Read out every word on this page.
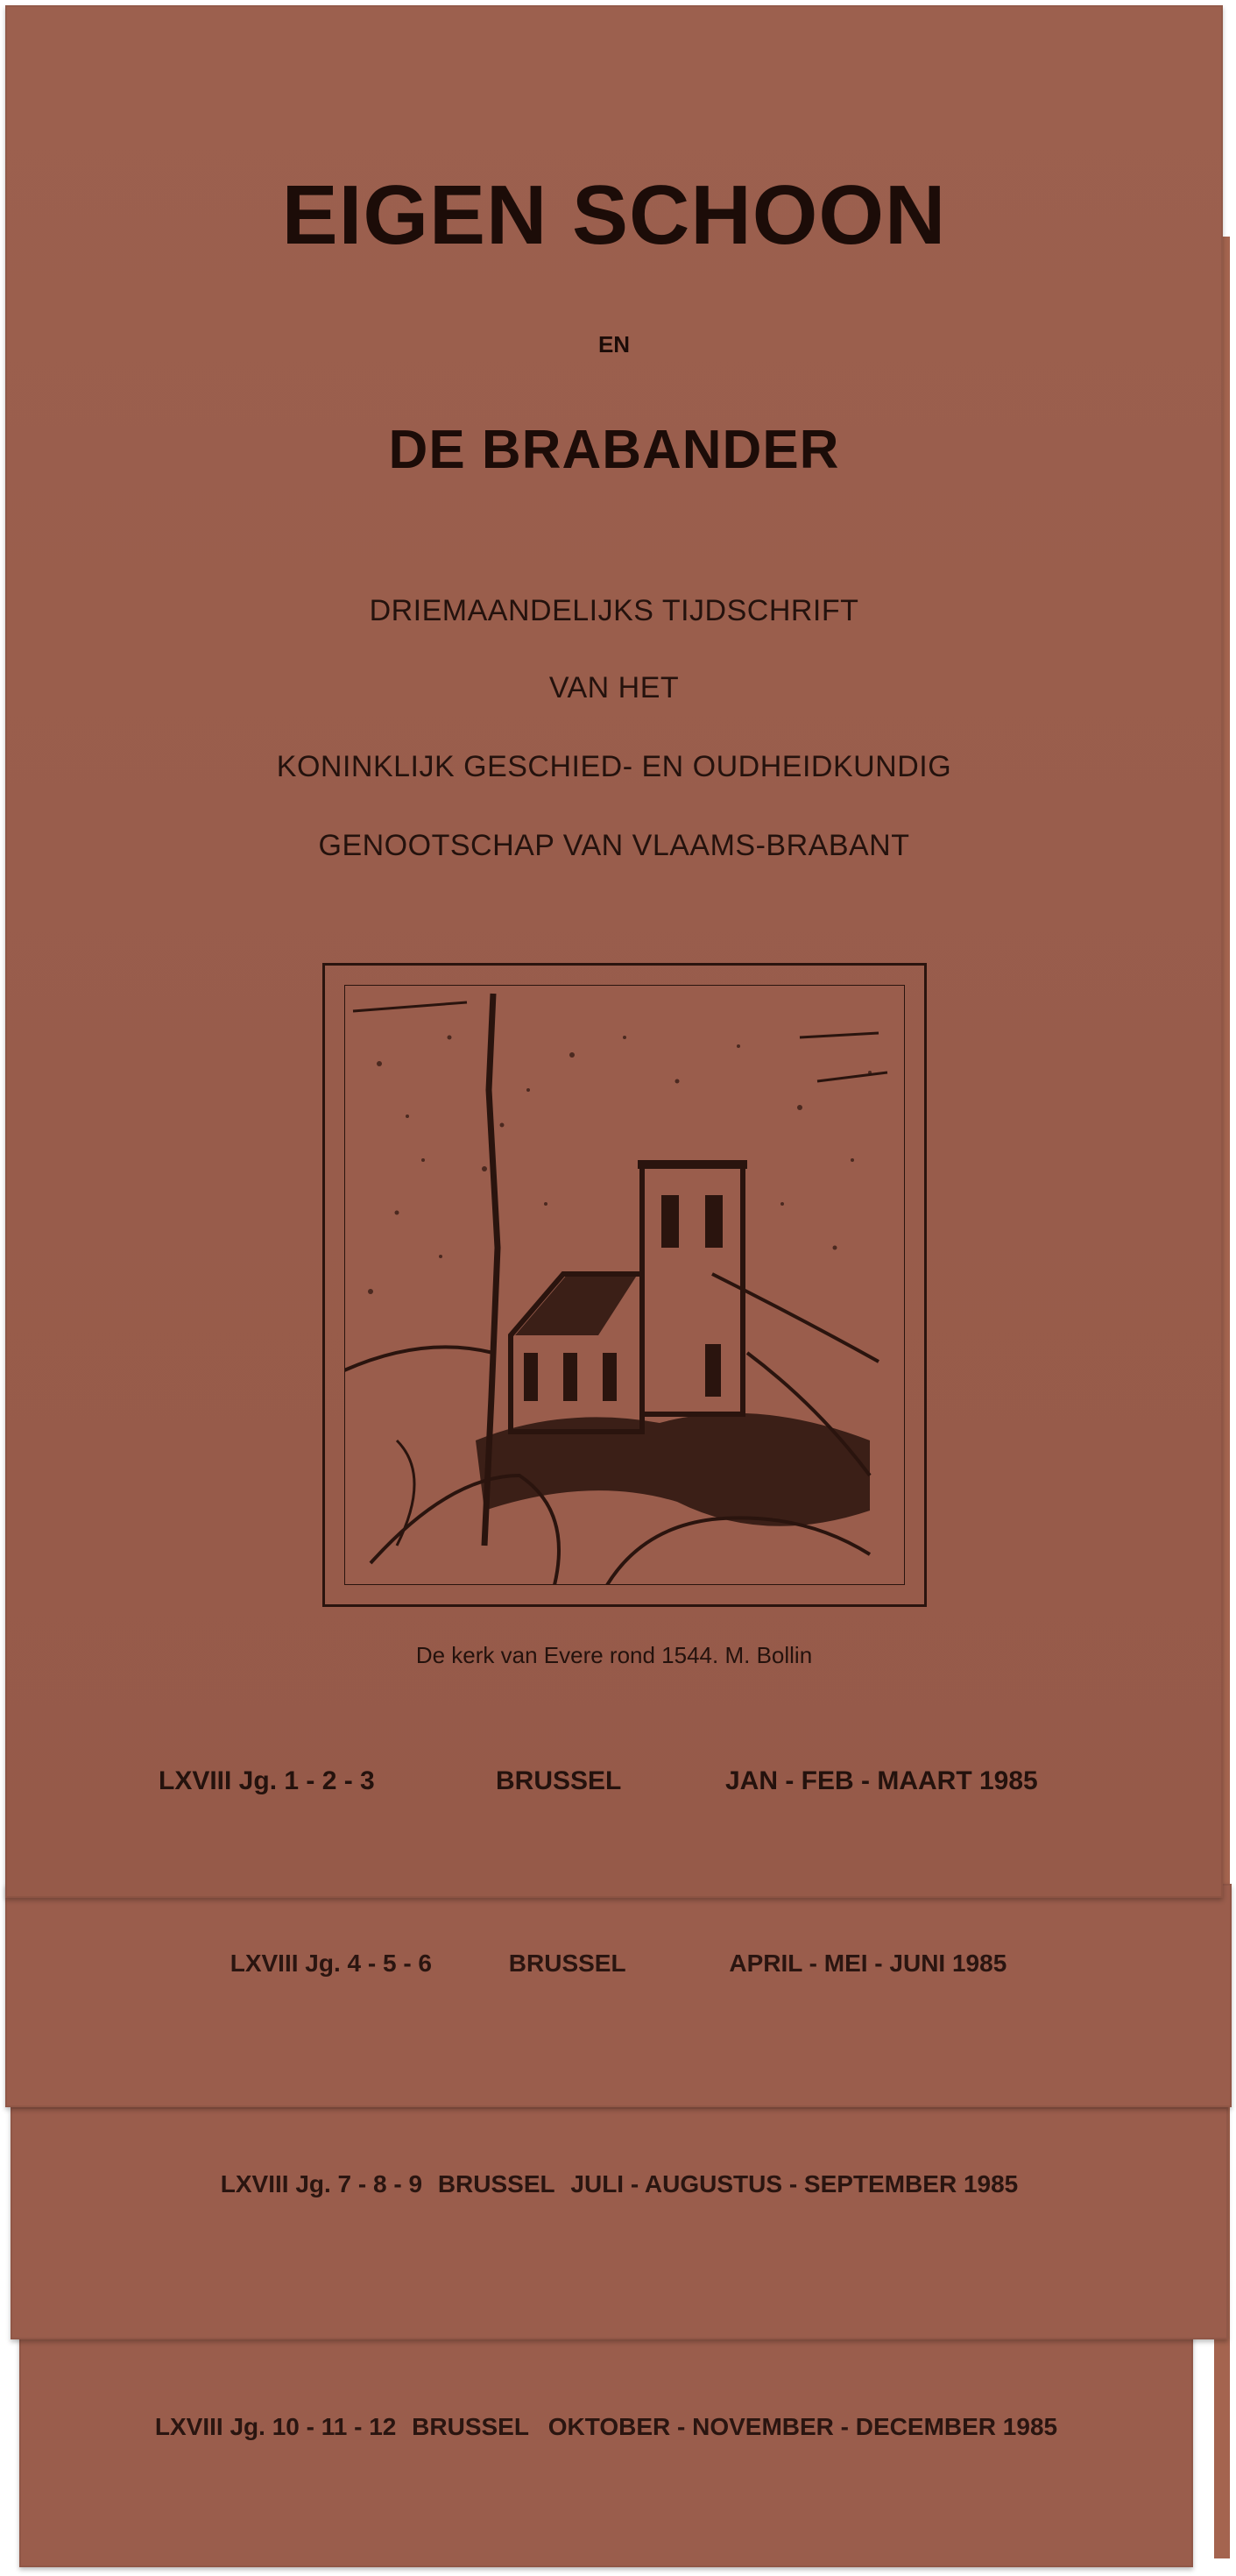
LXVIII Jg. 4 - 5 - 6	BRUSSEL	APRIL - MEI - JUNI 1985
LXVIII Jg. 7 - 8 - 9 BRUSSEL JULI - AUGUSTUS - SEPTEMBER 1985
LXVIII Jg. 10 - 11 - 12 BRUSSEL OKTOBER - NOVEMBER - DECEMBER 1985
EIGEN SCHOON
EN
DE BRABANDER
DRIEMAANDELIJKS TIJDSCHRIFT
VAN HET
KONINKLIJK GESCHIED- EN OUDHEIDKUNDIG
GENOOTSCHAP VAN VLAAMS-BRABANT
De kerk van Evere rond 1544. M. Bollin
LXVIII Jg. 1 - 2 - 3	BRUSSEL	JAN - FEB - MAART 1985
